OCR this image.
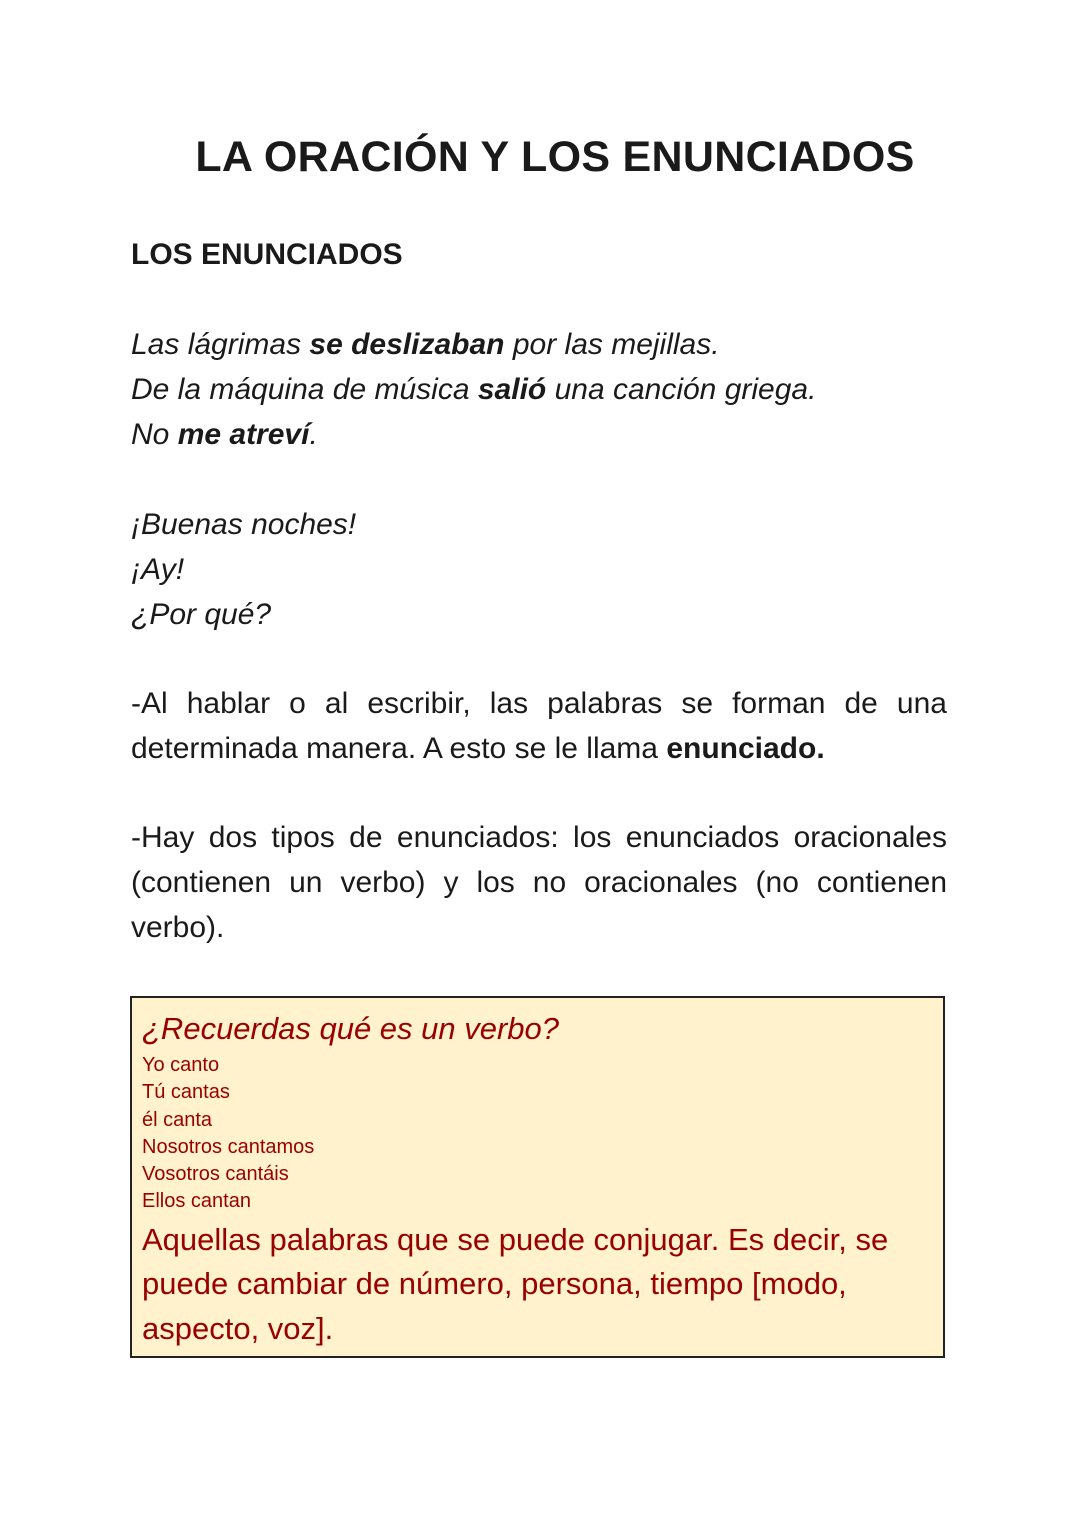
LA ORACIÓN Y LOS ENUNCIADOS
LOS ENUNCIADOS
Las lágrimas se deslizaban por las mejillas.
De la máquina de música salió una canción griega.
No me atreví.
¡Buenas noches!
¡Ay!
¿Por qué?

-Al hablar o al escribir, las palabras se forman de una determinada manera. A esto se le llama enunciado.

-Hay dos tipos de enunciados: los enunciados oracionales (contienen un verbo) y los no oracionales (no contienen verbo).

¿Recuerdas qué es un verbo?

Yo canto
Tú cantas
él canta
Nosotros cantamos
Vosotros cantáis
Ellos cantan

Aquellas palabras que se puede conjugar. Es decir, se puede cambiar de número, persona, tiempo [modo, aspecto, voz].
